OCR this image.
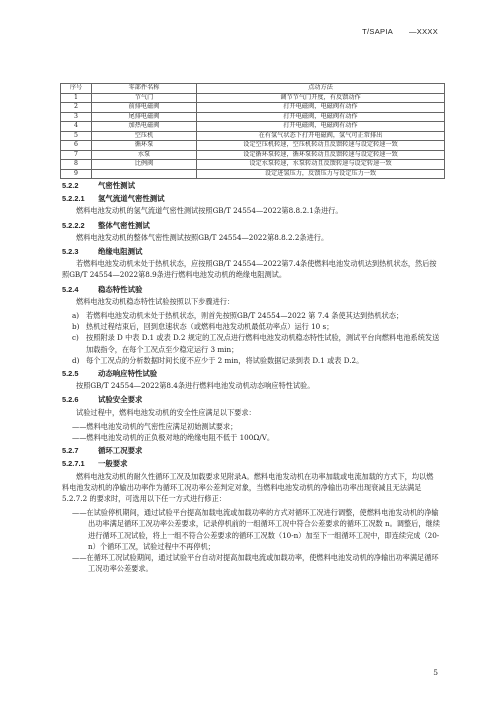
T/SAPIA —XXXX
序号	零部件名称	点动方法
1	节气门	调节节气门开度，有反馈动作
2	前排电磁阀	打开电磁阀，电磁阀有动作
3	尾排电磁阀	打开电磁阀，电磁阀有动作
4	加热电磁阀	打开电磁阀，电磁阀有动作
5	空压机	在有氢气状态下打开电磁阀，氢气可正常排出
6	循环泵	设定空压机转速，空压机转动且反馈转速与设定转速一致
7	水泵	设定循环泵转速，循环泵转动且反馈转速与设定转速一致
8	比例阀	设定水泵转速，水泵转动且反馈转速与设定转速一致
9		设定进氢压力，反馈压力与设定压力一致
5.2.2	气密性测试
5.2.2.1 氢气流道气密性测试
燃料电池发动机的氢气流道气密性测试按照GB/T 24554—2022第8.8.2.1条进行。
5.2.2.2 整体气密性测试
燃料电池发动机的整体气密性测试按照GB/T 24554—2022第8.8.2.2条进行。
5.2.3	绝缘电阻测试
若燃料电池发动机未处于热机状态，应按照GB/T 24554—2022第7.4条使燃料电池发动机达到热机状态，然后按照GB/T 24554—2022第8.9条进行燃料电池发动机的绝缘电阻测试。
5.2.4	稳态特性试验
燃料电池发动机稳态特性试验按照以下步骤进行：
a) 若燃料电池发动机未处于热机状态，则首先按照GB/T 24554—2022 第 7.4 条使其达到热机状态；
b) 热机过程结束后，回到怠速状态（或燃料电池发动机最低功率点）运行 10 s；
c) 按照附录 D 中表 D.1 或表 D.2 规定的工况点进行燃料电池发动机稳态特性试验，测试平台向燃料电池系统发送加载指令，在每个工况点至少稳定运行 3 min；
d) 每个工况点的分析数据时间长度不应少于 2 min，将试验数据记录到表 D.1 或表 D.2。
5.2.5	动态响应特性试验
按照GB/T 24554—2022第8.4条进行燃料电池发动机动态响应特性试验。
5.2.6	试验安全要求
试验过程中，燃料电池发动机的安全性应满足以下要求：
——燃料电池发动机的气密性应满足初始测试要求；
——燃料电池发动机的正负极对地的绝缘电阻不低于 100Ω/V。
5.2.7	循环工况要求
5.2.7.1 一般要求
燃料电池发动机的耐久性循环工况及加载要求见附录A。燃料电池发动机在功率加载或电流加载的方式下，均以燃料电池发动机的净输出功率作为循环工况功率公差判定对象，当燃料电池发动机的净输出功率出现衰减且无法满足5.2.7.2 的要求时，可选用以下任一方式进行修正：
——在试验停机期间，通过试验平台提高加载电流或加载功率的方式对循环工况进行调整，使燃料电池发动机的净输出功率满足循环工况功率公差要求，记录停机前的一组循环工况中符合公差要求的循环工况数 n。调整后，继续进行循环工况试验，将上一组不符合公差要求的循环工况数（10-n）加至下一组循环工况中，即连续完成（20-n）个循环工况，试验过程中不再停机；
——在循环工况试验期间，通过试验平台自动对提高加载电流或加载功率，使燃料电池发动机的净输出功率满足循环工况功率公差要求。
5
